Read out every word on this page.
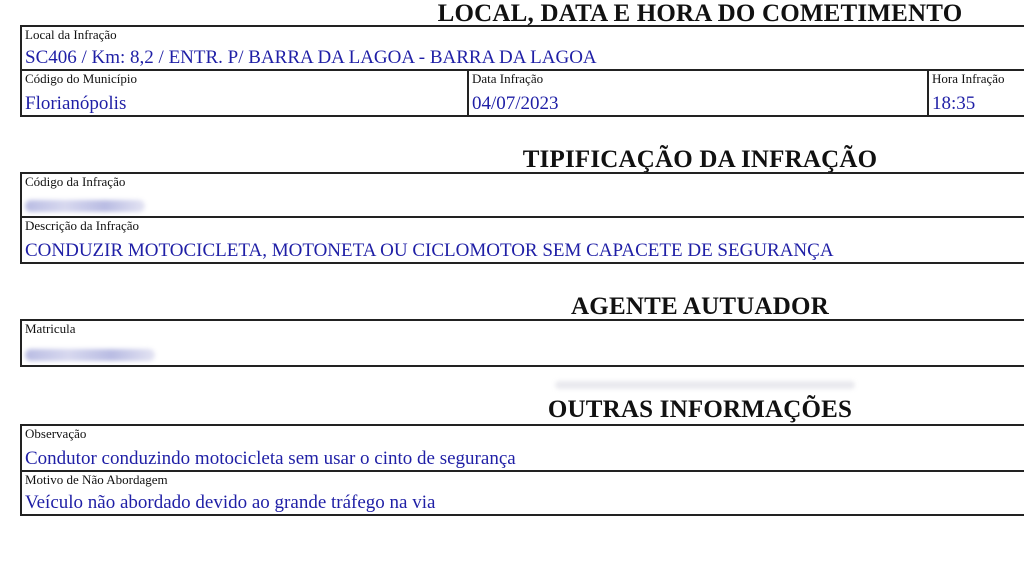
LOCAL, DATA E HORA DO COMETIMENTO
Local da Infração
SC406 / Km: 8,2 / ENTR. P/ BARRA DA LAGOA - BARRA DA LAGOA
Código do Município
Florianópolis
Data Infração
04/07/2023
Hora Infração
18:35
TIPIFICAÇÃO DA INFRAÇÃO
Código da Infração
Descrição da Infração
CONDUZIR MOTOCICLETA, MOTONETA OU CICLOMOTOR SEM CAPACETE DE SEGURANÇA
AGENTE AUTUADOR
Matricula
OUTRAS INFORMAÇÕES
Observação
Condutor conduzindo motocicleta sem usar o cinto de segurança
Motivo de Não Abordagem
Veículo não abordado devido ao grande tráfego na via
